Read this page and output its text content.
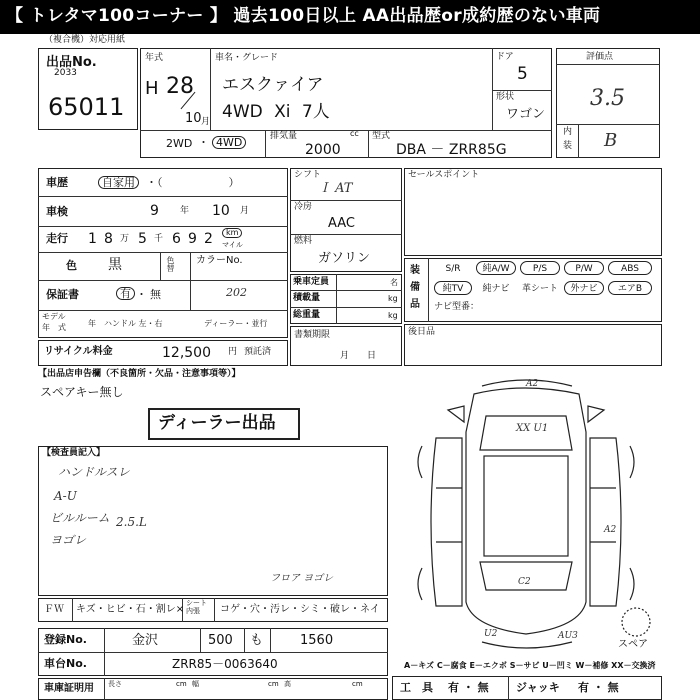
【 トレタマ100コーナー 】 過去100日以上 AA出品歴or成約歴のない車両
（複合機）対応用紙
出品No.
2033
65011
年式
H 28
10 月
車名・グレード
エスクァイア
4WD Xi 7人
ドア
5
形状
ワゴン
2WD ・ 4WD	排気量	cc
2000
型式
DBA － ZRR85G
評価点
3.5
内
装 B
車歴	自家用	・（　　　　　　）
車検	9 年 10 月
走行 1 8 万 5 千 6 9 2	km
マイル
色 黒	色替 カラーNo.
202
保証書	有 ・ 無
モデル
年　式	年 ハンドル 左・右	ディーラー・並行
シフト
Ｉ AT
冷房
AAC
燃料
ガソリン
乗車定員	名
積載量	kg
総重量	kg
書類期限
月　　日
セールスポイント
装
備
品
S/R	純A/W	P/S	P/W	ABS
純TV	純ナビ	革シート	外ナビ	エアB
ナビ型番：
後日品
リサイクル料金	12,500 円 預託済
【出品店申告欄（不良箇所・欠品・注意事項等）】
スペアキー無し
ディーラー出品
【検査員記入】
ハンドルスレ
A-U
ビルルーム 2.5.L
ヨゴレ
フロア ヨゴレ
ＦＷ キズ・ヒビ・石・割レ×
シート
内張	コゲ・穴・汚レ・シミ・破レ・ネイ
登録No.	金沢	500 も	1560
車台No.	ZRR85－0063640
車庫証明用 長さ	cm 幅	cm 高	cm
A－キズ C－腐食 E－エクボ S－サビ U－凹ミ W－補修 XX－交換済
工　具 有 ・ 無 ジャッキ 有 ・ 無
XX U1
A2
A2
C2
U2	AU3
スペア
